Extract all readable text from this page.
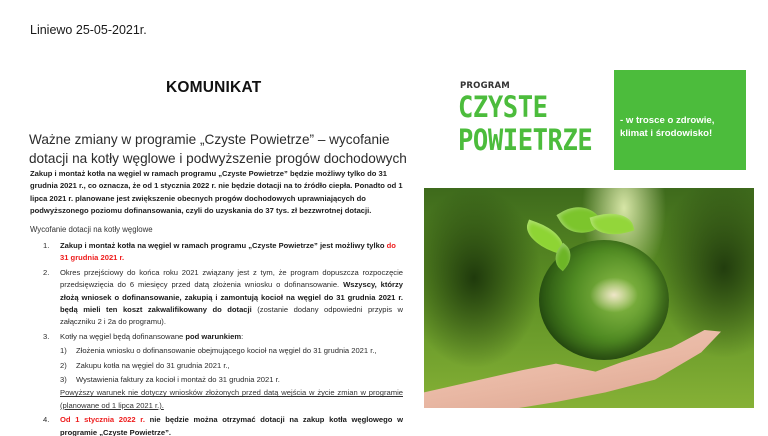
Liniewo 25-05-2021r.
KOMUNIKAT
Ważne zmiany w programie „Czyste Powietrze” – wycofanie dotacji na kotły węglowe i podwyższenie progów dochodowych
Zakup i montaż kotła na węgiel w ramach programu „Czyste Powietrze” będzie możliwy tylko do 31 grudnia 2021 r., co oznacza, że od 1 stycznia 2022 r. nie będzie dotacji na to źródło ciepła. Ponadto od 1 lipca 2021 r. planowane jest zwiększenie obecnych progów dochodowych uprawniających do podwyższonego poziomu dofinansowania, czyli do uzyskania do 37 tys. zł bezzwrotnej dotacji.
Wycofanie dotacji na kotły węglowe
1. Zakup i montaż kotła na węgiel w ramach programu „Czyste Powietrze” jest możliwy tylko do 31 grudnia 2021 r.
2. Okres przejściowy do końca roku 2021 związany jest z tym, że program dopuszcza rozpoczęcie przedsięwzięcia do 6 miesięcy przed datą złożenia wniosku o dofinansowanie. Wszyscy, którzy złożą wniosek o dofinansowanie, zakupią i zamontują kocioł na węgiel do 31 grudnia 2021 r. będą mieli ten koszt zakwalifikowany do dotacji (zostanie dodany odpowiedni przypis w załączniku 2 i 2a do programu).
3. Kotły na węgiel będą dofinansowane pod warunkiem:
1) Złożenia wniosku o dofinansowanie obejmującego kocioł na węgiel do 31 grudnia 2021 r.,
2) Zakupu kotła na węgiel do 31 grudnia 2021 r.,
3) Wystawienia faktury za kocioł i montaż do 31 grudnia 2021 r.
Powyższy warunek nie dotyczy wniosków złożonych przed datą wejścia w życie zmian w programie (planowane od 1 lipca 2021 r.).
4. Od 1 stycznia 2022 r. nie będzie można otrzymać dotacji na zakup kotła węglowego w programie „Czyste Powietrze”.
PROGRAM
CZYSTE
POWIETRZE
- w trosce o zdrowie,
klimat i środowisko!
